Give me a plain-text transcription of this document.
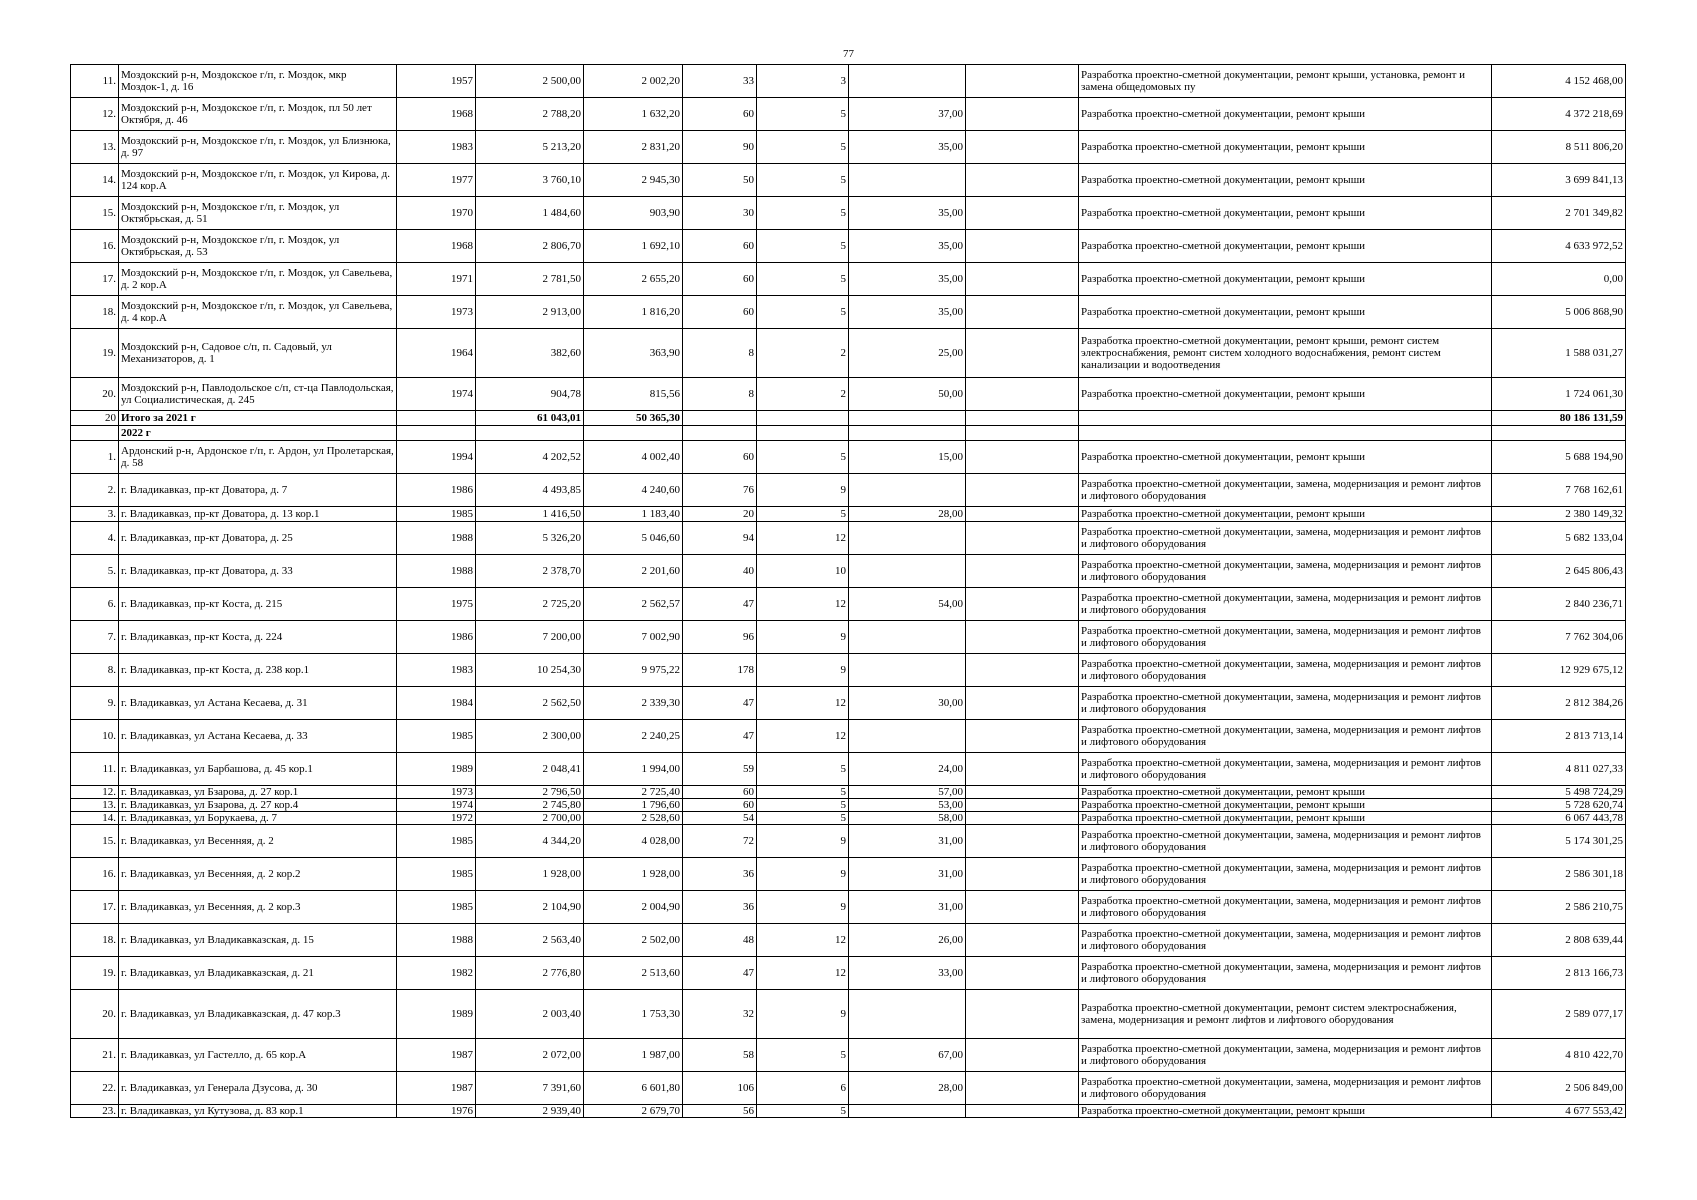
77
11.	Моздокский р-н, Моздокское г/п, г. Моздок, мкр Моздок-1, д. 16	1957	2 500,00	2 002,20	33	3			Разработка проектно-сметной документации, ремонт крыши, установка, ремонт и замена общедомовых пу	4 152 468,00
12.	Моздокский р-н, Моздокское г/п, г. Моздок, пл 50 лет Октября, д. 46	1968	2 788,20	1 632,20	60	5	37,00		Разработка проектно-сметной документации, ремонт крыши	4 372 218,69
13.	Моздокский р-н, Моздокское г/п, г. Моздок, ул Близнюка, д. 97	1983	5 213,20	2 831,20	90	5	35,00		Разработка проектно-сметной документации, ремонт крыши	8 511 806,20
14.	Моздокский р-н, Моздокское г/п, г. Моздок, ул Кирова, д. 124 кор.А	1977	3 760,10	2 945,30	50	5			Разработка проектно-сметной документации, ремонт крыши	3 699 841,13
15.	Моздокский р-н, Моздокское г/п, г. Моздок, ул Октябрьская, д. 51	1970	1 484,60	903,90	30	5	35,00		Разработка проектно-сметной документации, ремонт крыши	2 701 349,82
16.	Моздокский р-н, Моздокское г/п, г. Моздок, ул Октябрьская, д. 53	1968	2 806,70	1 692,10	60	5	35,00		Разработка проектно-сметной документации, ремонт крыши	4 633 972,52
17.	Моздокский р-н, Моздокское г/п, г. Моздок, ул Савельева, д. 2 кор.А	1971	2 781,50	2 655,20	60	5	35,00		Разработка проектно-сметной документации, ремонт крыши	0,00
18.	Моздокский р-н, Моздокское г/п, г. Моздок, ул Савельева, д. 4 кор.А	1973	2 913,00	1 816,20	60	5	35,00		Разработка проектно-сметной документации, ремонт крыши	5 006 868,90
19.	Моздокский р-н, Садовое с/п, п. Садовый, ул Механизаторов, д. 1	1964	382,60	363,90	8	2	25,00		Разработка проектно-сметной документации, ремонт крыши, ремонт систем электроснабжения, ремонт систем холодного водоснабжения, ремонт систем канализации и водоотведения	1 588 031,27
20.	Моздокский р-н, Павлодольское с/п, ст-ца Павлодольская, ул Социалистическая, д. 245	1974	904,78	815,56	8	2	50,00		Разработка проектно-сметной документации, ремонт крыши	1 724 061,30
20	Итого за 2021 г		61 043,01	50 365,30						80 186 131,59
	2022 г									
1.	Ардонский р-н, Ардонское г/п, г. Ардон, ул Пролетарская, д. 58	1994	4 202,52	4 002,40	60	5	15,00		Разработка проектно-сметной документации, ремонт крыши	5 688 194,90
2.	г. Владикавказ, пр-кт Доватора, д. 7	1986	4 493,85	4 240,60	76	9			Разработка проектно-сметной документации, замена, модернизация и ремонт лифтов и лифтового оборудования	7 768 162,61
3.	г. Владикавказ, пр-кт Доватора, д. 13 кор.1	1985	1 416,50	1 183,40	20	5	28,00		Разработка проектно-сметной документации, ремонт крыши	2 380 149,32
4.	г. Владикавказ, пр-кт Доватора, д. 25	1988	5 326,20	5 046,60	94	12			Разработка проектно-сметной документации, замена, модернизация и ремонт лифтов и лифтового оборудования	5 682 133,04
5.	г. Владикавказ, пр-кт Доватора, д. 33	1988	2 378,70	2 201,60	40	10			Разработка проектно-сметной документации, замена, модернизация и ремонт лифтов и лифтового оборудования	2 645 806,43
6.	г. Владикавказ, пр-кт Коста, д. 215	1975	2 725,20	2 562,57	47	12	54,00		Разработка проектно-сметной документации, замена, модернизация и ремонт лифтов и лифтового оборудования	2 840 236,71
7.	г. Владикавказ, пр-кт Коста, д. 224	1986	7 200,00	7 002,90	96	9			Разработка проектно-сметной документации, замена, модернизация и ремонт лифтов и лифтового оборудования	7 762 304,06
8.	г. Владикавказ, пр-кт Коста, д. 238 кор.1	1983	10 254,30	9 975,22	178	9			Разработка проектно-сметной документации, замена, модернизация и ремонт лифтов и лифтового оборудования	12 929 675,12
9.	г. Владикавказ, ул Астана Кесаева, д. 31	1984	2 562,50	2 339,30	47	12	30,00		Разработка проектно-сметной документации, замена, модернизация и ремонт лифтов и лифтового оборудования	2 812 384,26
10.	г. Владикавказ, ул Астана Кесаева, д. 33	1985	2 300,00	2 240,25	47	12			Разработка проектно-сметной документации, замена, модернизация и ремонт лифтов и лифтового оборудования	2 813 713,14
11.	г. Владикавказ, ул Барбашова, д. 45 кор.1	1989	2 048,41	1 994,00	59	5	24,00		Разработка проектно-сметной документации, замена, модернизация и ремонт лифтов и лифтового оборудования	4 811 027,33
12.	г. Владикавказ, ул Бзарова, д. 27 кор.1	1973	2 796,50	2 725,40	60	5	57,00		Разработка проектно-сметной документации, ремонт крыши	5 498 724,29
13.	г. Владикавказ, ул Бзарова, д. 27 кор.4	1974	2 745,80	1 796,60	60	5	53,00		Разработка проектно-сметной документации, ремонт крыши	5 728 620,74
14.	г. Владикавказ, ул Борукаева, д. 7	1972	2 700,00	2 528,60	54	5	58,00		Разработка проектно-сметной документации, ремонт крыши	6 067 443,78
15.	г. Владикавказ, ул Весенняя, д. 2	1985	4 344,20	4 028,00	72	9	31,00		Разработка проектно-сметной документации, замена, модернизация и ремонт лифтов и лифтового оборудования	5 174 301,25
16.	г. Владикавказ, ул Весенняя, д. 2 кор.2	1985	1 928,00	1 928,00	36	9	31,00		Разработка проектно-сметной документации, замена, модернизация и ремонт лифтов и лифтового оборудования	2 586 301,18
17.	г. Владикавказ, ул Весенняя, д. 2 кор.3	1985	2 104,90	2 004,90	36	9	31,00		Разработка проектно-сметной документации, замена, модернизация и ремонт лифтов и лифтового оборудования	2 586 210,75
18.	г. Владикавказ, ул Владикавказская, д. 15	1988	2 563,40	2 502,00	48	12	26,00		Разработка проектно-сметной документации, замена, модернизация и ремонт лифтов и лифтового оборудования	2 808 639,44
19.	г. Владикавказ, ул Владикавказская, д. 21	1982	2 776,80	2 513,60	47	12	33,00		Разработка проектно-сметной документации, замена, модернизация и ремонт лифтов и лифтового оборудования	2 813 166,73
20.	г. Владикавказ, ул Владикавказская, д. 47 кор.3	1989	2 003,40	1 753,30	32	9			Разработка проектно-сметной документации, ремонт систем электроснабжения, замена, модернизация и ремонт лифтов и лифтового оборудования	2 589 077,17
21.	г. Владикавказ, ул Гастелло, д. 65 кор.А	1987	2 072,00	1 987,00	58	5	67,00		Разработка проектно-сметной документации, замена, модернизация и ремонт лифтов и лифтового оборудования	4 810 422,70
22.	г. Владикавказ, ул Генерала Дзусова, д. 30	1987	7 391,60	6 601,80	106	6	28,00		Разработка проектно-сметной документации, замена, модернизация и ремонт лифтов и лифтового оборудования	2 506 849,00
23.	г. Владикавказ, ул Кутузова, д. 83 кор.1	1976	2 939,40	2 679,70	56	5			Разработка проектно-сметной документации, ремонт крыши	4 677 553,42
